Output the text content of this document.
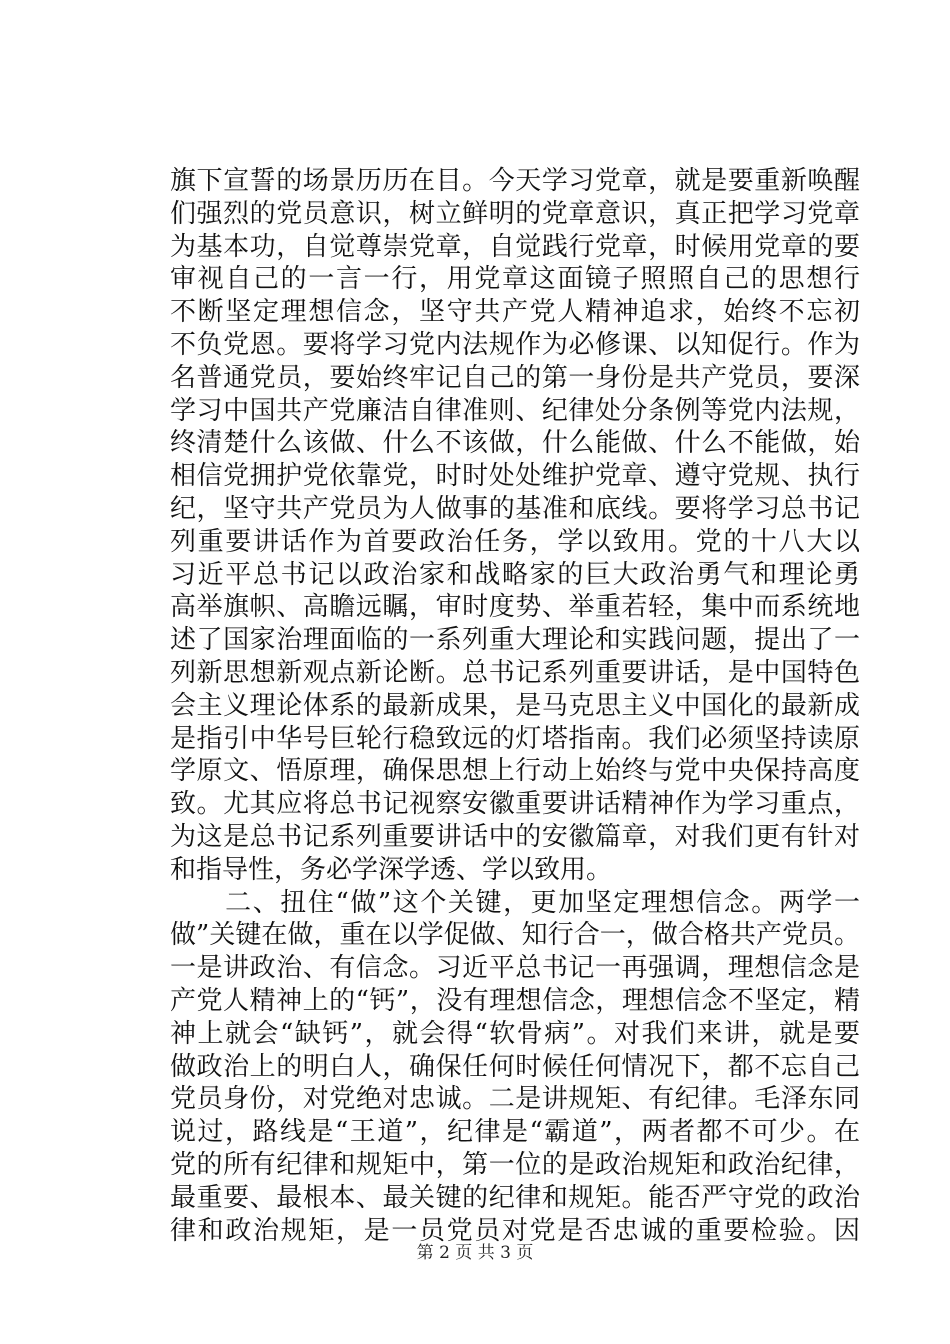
旗下宣誓的场景历历在目。今天学习党章，就是要重新唤醒
们强烈的党员意识，树立鲜明的党章意识，真正把学习党章
为基本功，自觉尊崇党章，自觉践行党章，时候用党章的要
审视自己的一言一行，用党章这面镜子照照自己的思想行
不断坚定理想信念，坚守共产党人精神追求，始终不忘初
不负党恩。要将学习党内法规作为必修课、以知促行。作为
名普通党员，要始终牢记自己的第一身份是共产党员，要深
学习中国共产党廉洁自律准则、纪律处分条例等党内法规，
终清楚什么该做、什么不该做，什么能做、什么不能做，始
相信党拥护党依靠党，时时处处维护党章、遵守党规、执行
纪，坚守共产党员为人做事的基准和底线。要将学习总书记
列重要讲话作为首要政治任务，学以致用。党的十八大以
习近平总书记以政治家和战略家的巨大政治勇气和理论勇
高举旗帜、高瞻远瞩，审时度势、举重若轻，集中而系统地
述了国家治理面临的一系列重大理论和实践问题，提出了一
列新思想新观点新论断。总书记系列重要讲话，是中国特色
会主义理论体系的最新成果，是马克思主义中国化的最新成
是指引中华号巨轮行稳致远的灯塔指南。我们必须坚持读原
学原文、悟原理，确保思想上行动上始终与党中央保持高度
致。尤其应将总书记视察安徽重要讲话精神作为学习重点，
为这是总书记系列重要讲话中的安徽篇章，对我们更有针对
和指导性，务必学深学透、学以致用。
　　二、扭住“做”这个关键，更加坚定理想信念。两学一
做”关键在做，重在以学促做、知行合一，做合格共产党员。
一是讲政治、有信念。习近平总书记一再强调，理想信念是
产党人精神上的“钙”，没有理想信念，理想信念不坚定，精
神上就会“缺钙”，就会得“软骨病”。对我们来讲，就是要
做政治上的明白人，确保任何时候任何情况下，都不忘自己
党员身份，对党绝对忠诚。二是讲规矩、有纪律。毛泽东同
说过，路线是“王道”，纪律是“霸道”，两者都不可少。在
党的所有纪律和规矩中，第一位的是政治规矩和政治纪律，
最重要、最根本、最关键的纪律和规矩。能否严守党的政治
律和政治规矩，是一员党员对党是否忠诚的重要检验。因
第 2 页 共 3 页
